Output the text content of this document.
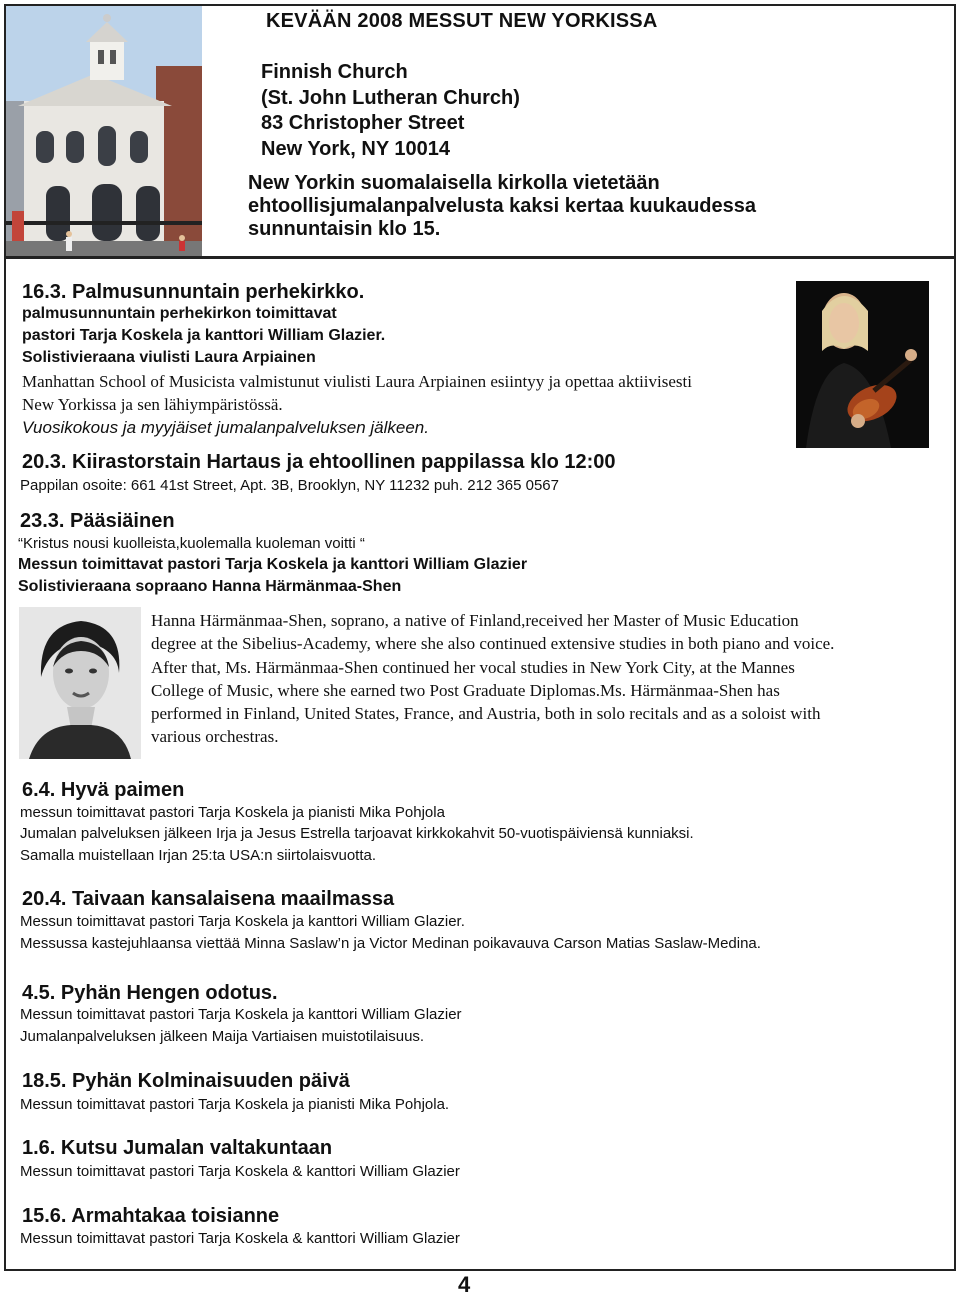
KEVÄÄN 2008 MESSUT NEW YORKISSA
Finnish Church
(St. John Lutheran Church)
83 Christopher Street
New York, NY 10014
New Yorkin suomalaisella kirkolla vietetään
ehtoollisjumalanpalvelusta kaksi kertaa kuukaudessa
sunnuntaisin klo 15.
16.3. Palmusunnuntain perhekirkko.
palmusunnuntain perhekirkon toimittavat
pastori Tarja Koskela ja kanttori William Glazier.
Solistivieraana viulisti Laura Arpiainen
Manhattan School of Musicista valmistunut viulisti Laura Arpiainen esiintyy ja opettaa aktiivisesti
New Yorkissa ja sen lähiympäristössä.
Vuosikokous ja myyjäiset jumalanpalveluksen jälkeen.
20.3. Kiirastorstain Hartaus ja ehtoollinen pappilassa klo 12:00
Pappilan osoite: 661 41st Street, Apt. 3B, Brooklyn, NY 11232 puh. 212 365 0567
23.3. Pääsiäinen
“Kristus nousi kuolleista,kuolemalla kuoleman voitti “
Messun toimittavat pastori Tarja Koskela ja kanttori William Glazier
Solistivieraana sopraano Hanna Härmänmaa-Shen
Hanna Härmänmaa-Shen, soprano, a native of Finland,received her Master of Music Education
degree at the Sibelius-Academy, where she also continued extensive studies in both piano and voice.
After that, Ms. Härmänmaa-Shen continued her vocal studies in New York City, at the Mannes
College of Music, where she earned two Post Graduate Diplomas.Ms. Härmänmaa-Shen has
performed in Finland, United States, France, and Austria, both in solo recitals and as a soloist with
various orchestras.
6.4. Hyvä paimen
messun toimittavat pastori Tarja Koskela ja pianisti Mika Pohjola
Jumalan palveluksen jälkeen Irja ja Jesus Estrella tarjoavat kirkkokahvit 50-vuotispäiviensä kunniaksi.
Samalla muistellaan Irjan 25:ta USA:n siirtolaisvuotta.
20.4. Taivaan kansalaisena maailmassa
Messun toimittavat pastori Tarja Koskela ja kanttori William Glazier.
Messussa kastejuhlaansa viettää Minna Saslaw’n ja Victor Medinan poikavauva Carson Matias Saslaw-Medina.
4.5. Pyhän Hengen odotus.
Messun toimittavat pastori Tarja Koskela ja kanttori William Glazier
Jumalanpalveluksen jälkeen Maija Vartiaisen muistotilaisuus.
18.5. Pyhän Kolminaisuuden päivä
Messun toimittavat pastori Tarja Koskela ja pianisti Mika Pohjola.
1.6. Kutsu Jumalan valtakuntaan
Messun toimittavat pastori Tarja Koskela & kanttori William Glazier
15.6. Armahtakaa toisianne
Messun toimittavat pastori Tarja Koskela & kanttori William Glazier
4
